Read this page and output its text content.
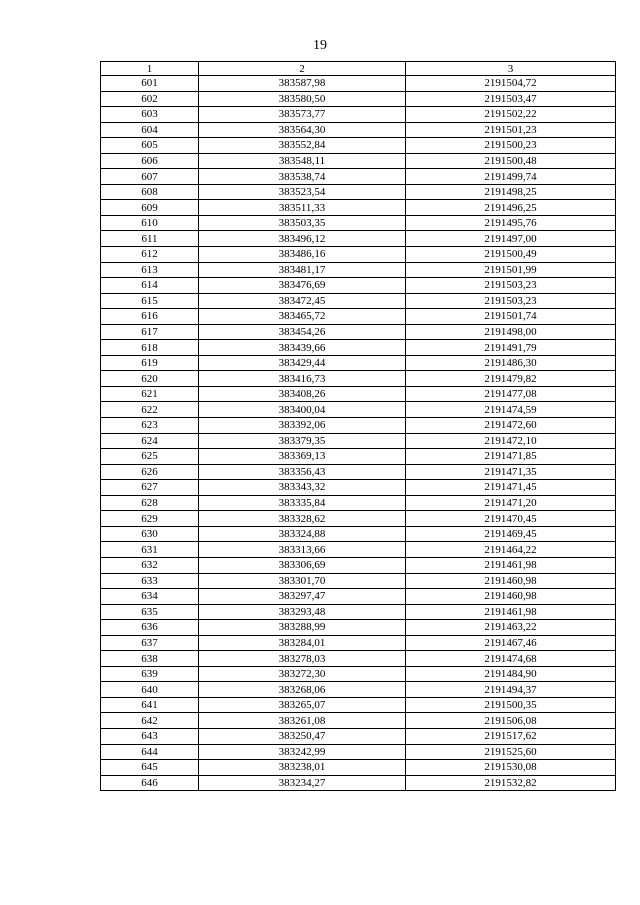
19
1	2	3
601	383587,98	2191504,72
602	383580,50	2191503,47
603	383573,77	2191502,22
604	383564,30	2191501,23
605	383552,84	2191500,23
606	383548,11	2191500,48
607	383538,74	2191499,74
608	383523,54	2191498,25
609	383511,33	2191496,25
610	383503,35	2191495,76
611	383496,12	2191497,00
612	383486,16	2191500,49
613	383481,17	2191501,99
614	383476,69	2191503,23
615	383472,45	2191503,23
616	383465,72	2191501,74
617	383454,26	2191498,00
618	383439,66	2191491,79
619	383429,44	2191486,30
620	383416,73	2191479,82
621	383408,26	2191477,08
622	383400,04	2191474,59
623	383392,06	2191472,60
624	383379,35	2191472,10
625	383369,13	2191471,85
626	383356,43	2191471,35
627	383343,32	2191471,45
628	383335,84	2191471,20
629	383328,62	2191470,45
630	383324,88	2191469,45
631	383313,66	2191464,22
632	383306,69	2191461,98
633	383301,70	2191460,98
634	383297,47	2191460,98
635	383293,48	2191461,98
636	383288,99	2191463,22
637	383284,01	2191467,46
638	383278,03	2191474,68
639	383272,30	2191484,90
640	383268,06	2191494,37
641	383265,07	2191500,35
642	383261,08	2191506,08
643	383250,47	2191517,62
644	383242,99	2191525,60
645	383238,01	2191530,08
646	383234,27	2191532,82
